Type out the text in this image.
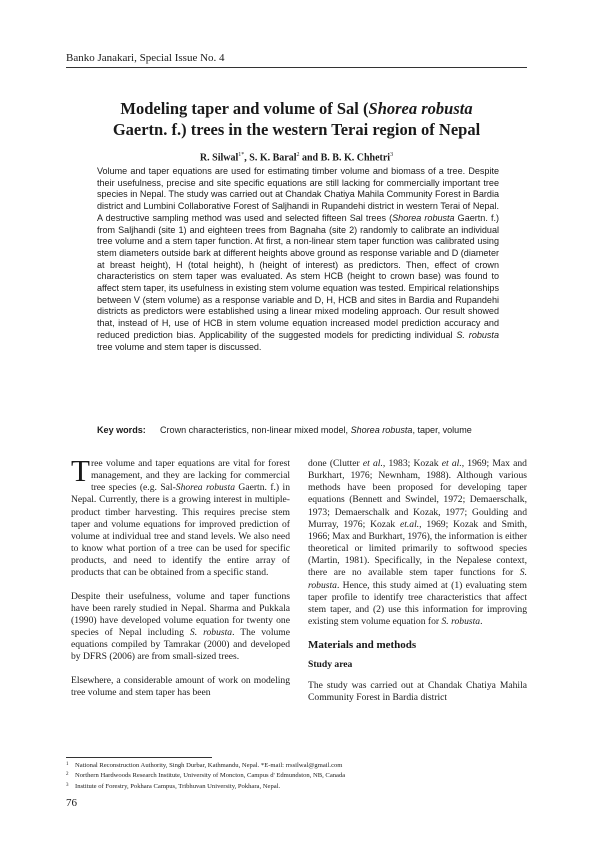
Banko Janakari, Special Issue No. 4
Modeling taper and volume of Sal (Shorea robusta
Gaertn. f.) trees in the western Terai region of Nepal
R. Silwal$^{1*}$, S. K. Baral$^2$ and B. B. K. Chhetri$^3$

Volume and taper equations are used for estimating timber volume and biomass of a tree. Despite their usefulness, precise and site specific equations are still lacking for commercially important tree species in Nepal. The study was carried out at Chandak Chatiya Mahila Community Forest in Bardia district and Lumbini Collaborative Forest of Saljhandi in Rupandehi district in western Terai of Nepal. A destructive sampling method was used and selected fifteen Sal trees (Shorea robusta Gaertn. f.) from Saljhandi (site 1) and eighteen trees from Bagnaha (site 2) randomly to calibrate an individual tree volume and a stem taper function. At first, a non-linear stem taper function was calibrated using stem diameters outside bark at different heights above ground as response variable and D (diameter at breast height), H (total height), h (height of interest) as predictors. Then, effect of crown characteristics on stem taper was evaluated. As stem HCB (height to crown base) was found to affect stem taper, its usefulness in existing stem volume equation was tested. Empirical relationships between V (stem volume) as a response variable and D, H, HCB and sites in Bardia and Rupandehi districts as predictors were established using a linear mixed modeling approach. Our result showed that, instead of H, use of HCB in stem volume equation increased model prediction accuracy and reduced prediction bias. Applicability of the suggested models for predicting individual S. robusta tree volume and stem taper is discussed.

Key words: Crown characteristics, non-linear mixed model, Shorea robusta, taper, volume

Tree volume and taper equations are vital for forest management, and they are lacking for commercial tree species (e.g. Sal-Shorea robusta Gaertn. f.) in Nepal. Currently, there is a growing interest in multiple-product timber harvesting. This requires precise stem taper and volume equations for improved prediction of volume at individual tree and stand levels. We also need to know what portion of a tree can be used for specific products, and need to identify the entire array of products that can be obtained from a specific stand.

Despite their usefulness, volume and taper functions have been rarely studied in Nepal. Sharma and Pukkala (1990) have developed volume equation for twenty one species of Nepal including S. robusta. The volume equations compiled by Tamrakar (2000) and developed by DFRS (2006) are from small-sized trees.

Elsewhere, a considerable amount of work on modeling tree volume and stem taper has been

done (Clutter et al., 1983; Kozak et al., 1969; Max and Burkhart, 1976; Newnham, 1988). Although various methods have been proposed for developing taper equations (Bennett and Swindel, 1972; Demaerschalk, 1973; Demaerschalk and Kozak, 1977; Goulding and Murray, 1976; Kozak et.al., 1969; Kozak and Smith, 1966; Max and Burkhart, 1976), the information is either theoretical or limited primarily to softwood species (Martin, 1981). Specifically, in the Nepalese context, there are no available stem taper functions for S. robusta. Hence, this study aimed at (1) evaluating stem taper profile to identify tree characteristics that affect stem taper, and (2) use this information for improving existing stem volume equation for S. robusta.

Materials and methods
Study area

The study was carried out at Chandak Chatiya Mahila Community Forest in Bardia district

$^1$ National Reconstruction Authority, Singh Durbar, Kathmandu, Nepal. *E-mail: rrssilwal@gmail.com
$^2$ Northern Hardwoods Research Institute, University of Moncton, Campus d' Edmundston, NB, Canada
$^3$ Institute of Forestry, Pokhara Campus, Tribhuvan University, Pokhara, Nepal.
76
